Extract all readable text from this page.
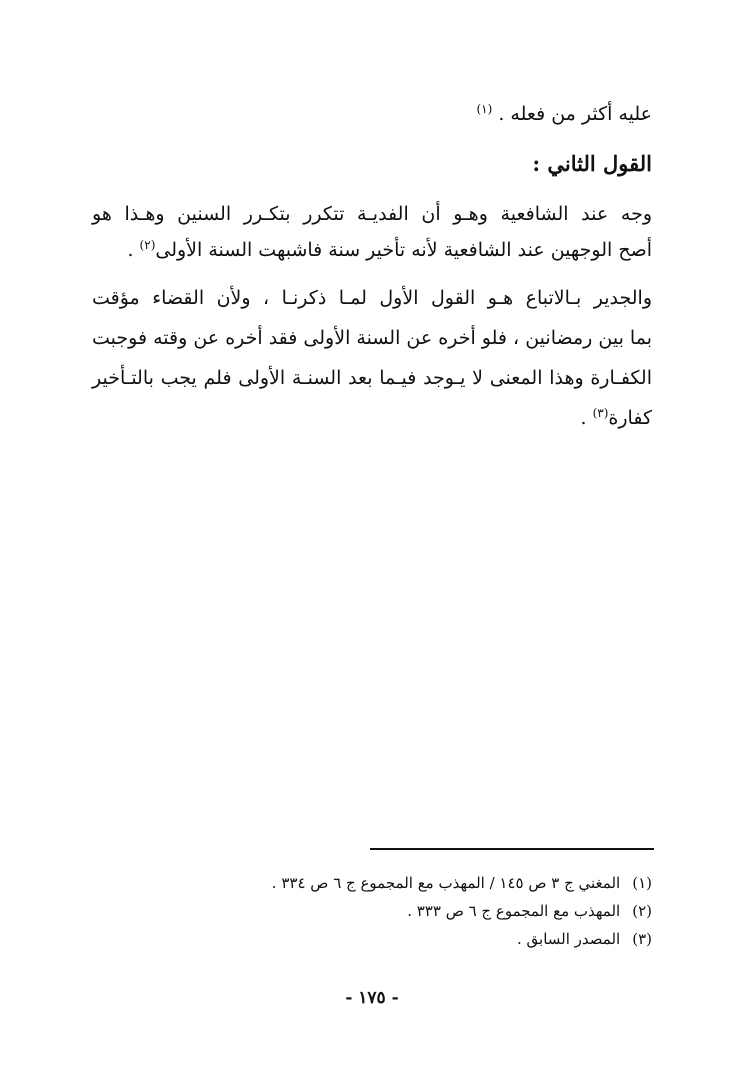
عليه أكثر من فعله . $^{(١)}$
القول الثاني :
وجه عند الشافعية وهـو أن الفديـة تتكرر بتكـرر السنين وهـذا هو
أصح الوجهين عند الشافعية لأنه تأخير سنة فاشبهت السنة الأولى$^{(٢)}$ .
والجدير بـالاتباع هـو القول الأول لمـا ذكرنـا ، ولأن القضاء مؤقت
بما بين رمضانين ، فلو أخره عن السنة الأولى فقد أخره عن وقته فوجبت
الكفـارة وهذا المعنى لا يـوجد فيـما بعد السنـة الأولى فلم يجب بالتـأخير
كفارة$^{(٣)}$ .
(١)المغني ج ٣ ص ١٤٥ / المهذب مع المجموع ج ٦ ص ٣٣٤ .
(٢)المهذب مع المجموع ج ٦ ص ٣٣٣ .
(٣)المصدر السابق .
- ١٧٥ -
